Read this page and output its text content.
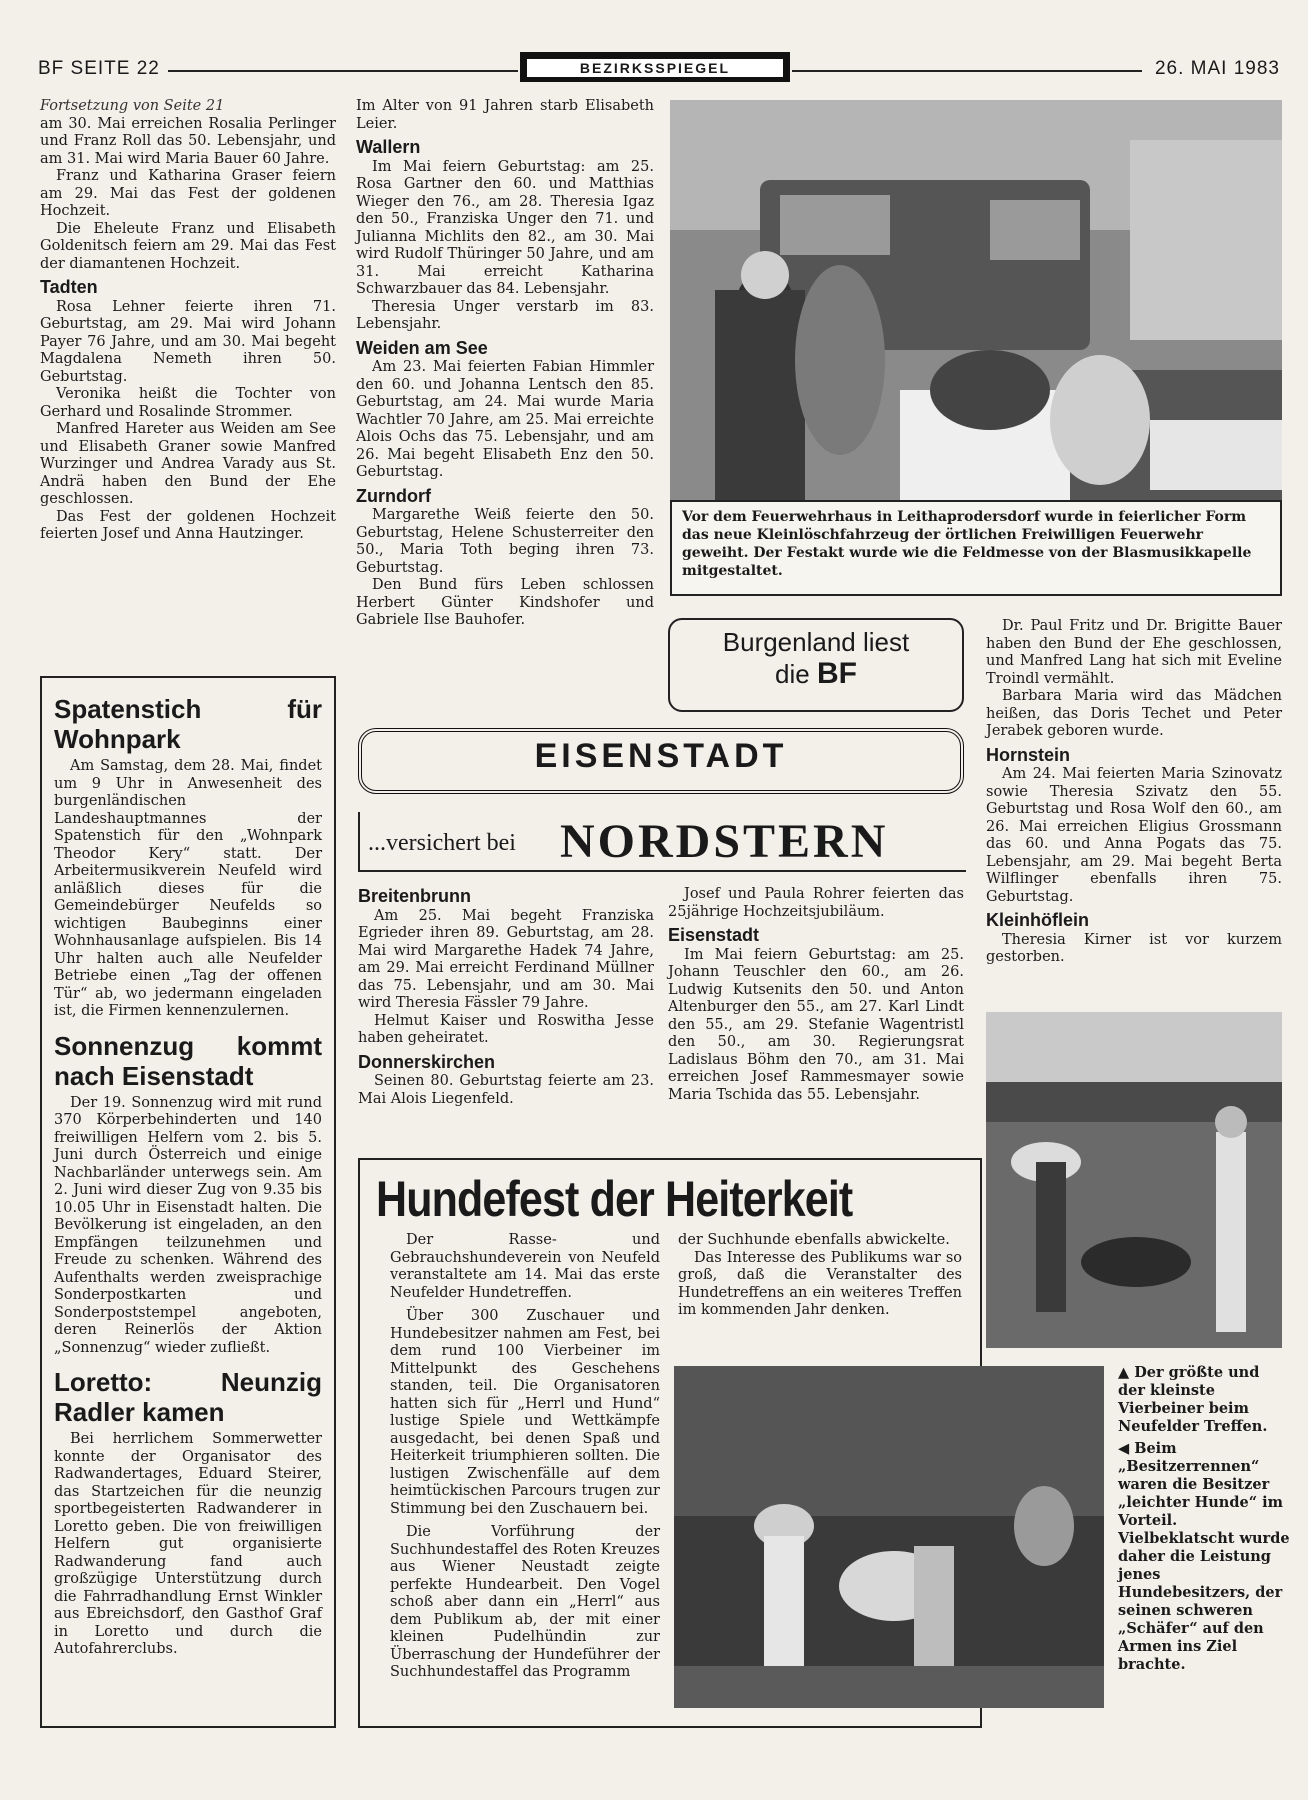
BF SEITE 22	BEZIRKSSPIEGEL	26. MAI 1983

Fortsetzung von Seite 21

am 30. Mai erreichen Rosalia Perlinger und Franz Roll das 50. Lebensjahr, und am 31. Mai wird Maria Bauer 60 Jahre.

Franz und Katharina Graser feiern am 29. Mai das Fest der goldenen Hochzeit.

Die Eheleute Franz und Elisabeth Goldenitsch feiern am 29. Mai das Fest der diamantenen Hochzeit.

Tadten

Rosa Lehner feierte ihren 71. Geburtstag, am 29. Mai wird Johann Payer 76 Jahre, und am 30. Mai begeht Magdalena Nemeth ihren 50. Geburtstag.

Veronika heißt die Tochter von Gerhard und Rosalinde Strommer.

Manfred Hareter aus Weiden am See und Elisabeth Graner sowie Manfred Wurzinger und Andrea Varady aus St. Andrä haben den Bund der Ehe geschlossen.

Das Fest der goldenen Hochzeit feierten Josef und Anna Hautzinger.

Im Alter von 91 Jahren starb Elisabeth Leier.

Wallern

Im Mai feiern Geburtstag: am 25. Rosa Gartner den 60. und Matthias Wieger den 76., am 28. Theresia Igaz den 50., Franziska Unger den 71. und Julianna Michlits den 82., am 30. Mai wird Rudolf Thüringer 50 Jahre, und am 31. Mai erreicht Katharina Schwarzbauer das 84. Lebensjahr.

Theresia Unger verstarb im 83. Lebensjahr.

Weiden am See

Am 23. Mai feierten Fabian Himmler den 60. und Johanna Lentsch den 85. Geburtstag, am 24. Mai wurde Maria Wachtler 70 Jahre, am 25. Mai erreichte Alois Ochs das 75. Lebensjahr, und am 26. Mai begeht Elisabeth Enz den 50. Geburtstag.

Zurndorf

Margarethe Weiß feierte den 50. Geburtstag, Helene Schusterreiter den 50., Maria Toth beging ihren 73. Geburtstag.

Den Bund fürs Leben schlossen Herbert Günter Kindshofer und Gabriele Ilse Bauhofer.

Vor dem Feuerwehrhaus in Leithaprodersdorf wurde in feierlicher Form das neue Kleinlöschfahrzeug der örtlichen Freiwilligen Feuerwehr geweiht. Der Festakt wurde wie die Feldmesse von der Blasmusikkapelle mitgestaltet.
Spatenstich für Wohnpark

Am Samstag, dem 28. Mai, findet um 9 Uhr in Anwesenheit des burgenländischen Landeshauptmannes der Spatenstich für den „Wohnpark Theodor Kery“ statt. Der Arbeitermusikverein Neufeld wird anläßlich dieses für die Gemeindebürger Neufelds so wichtigen Baubeginns einer Wohnhausanlage aufspielen. Bis 14 Uhr halten auch alle Neufelder Betriebe einen „Tag der offenen Tür“ ab, wo jedermann eingeladen ist, die Firmen kennenzulernen.

Sonnenzug kommt nach Eisenstadt

Der 19. Sonnenzug wird mit rund 370 Körperbehinderten und 140 freiwilligen Helfern vom 2. bis 5. Juni durch Österreich und einige Nachbarländer unterwegs sein. Am 2. Juni wird dieser Zug von 9.35 bis 10.05 Uhr in Eisenstadt halten. Die Bevölkerung ist eingeladen, an den Empfängen teilzunehmen und Freude zu schenken. Während des Aufenthalts werden zweisprachige Sonderpostkarten und Sonderpoststempel angeboten, deren Reinerlös der Aktion „Sonnenzug“ wieder zufließt.

Loretto: Neunzig Radler kamen

Bei herrlichem Sommerwetter konnte der Organisator des Radwandertages, Eduard Steirer, das Startzeichen für die neunzig sportbegeisterten Radwanderer in Loretto geben. Die von freiwilligen Helfern gut organisierte Radwanderung fand auch großzügige Unterstützung durch die Fahrradhandlung Ernst Winkler aus Ebreichsdorf, den Gasthof Graf in Loretto und durch die Autofahrerclubs.

Burgenland liest
die BF

Dr. Paul Fritz und Dr. Brigitte Bauer haben den Bund der Ehe geschlossen, und Manfred Lang hat sich mit Eveline Troindl vermählt.

Barbara Maria wird das Mädchen heißen, das Doris Techet und Peter Jerabek geboren wurde.

Hornstein

Am 24. Mai feierten Maria Szinovatz sowie Theresia Szivatz den 55. Geburtstag und Rosa Wolf den 60., am 26. Mai erreichen Eligius Grossmann das 60. und Anna Pogats das 75. Lebensjahr, am 29. Mai begeht Berta Wilflinger ebenfalls ihren 75. Geburtstag.

Kleinhöflein

Theresia Kirner ist vor kurzem gestorben.

EISENSTADT
...versichert bei NORDSTERN
Breitenbrunn

Am 25. Mai begeht Franziska Egrieder ihren 89. Geburtstag, am 28. Mai wird Margarethe Hadek 74 Jahre, am 29. Mai erreicht Ferdinand Müllner das 75. Lebensjahr, und am 30. Mai wird Theresia Fässler 79 Jahre.

Helmut Kaiser und Roswitha Jesse haben geheiratet.

Donnerskirchen

Seinen 80. Geburtstag feierte am 23. Mai Alois Liegenfeld.

Josef und Paula Rohrer feierten das 25jährige Hochzeitsjubiläum.

Eisenstadt

Im Mai feiern Geburtstag: am 25. Johann Teuschler den 60., am 26. Ludwig Kutsenits den 50. und Anton Altenburger den 55., am 27. Karl Lindt den 55., am 29. Stefanie Wagentristl den 50., am 30. Regierungsrat Ladislaus Böhm den 70., am 31. Mai erreichen Josef Rammesmayer sowie Maria Tschida das 55. Lebensjahr.

Hundefest der Heiterkeit

Der Rasse- und Gebrauchshundeverein von Neufeld veranstaltete am 14. Mai das erste Neufelder Hundetreffen.

Über 300 Zuschauer und Hundebesitzer nahmen am Fest, bei dem rund 100 Vierbeiner im Mittelpunkt des Geschehens standen, teil. Die Organisatoren hatten sich für „Herrl und Hund“ lustige Spiele und Wettkämpfe ausgedacht, bei denen Spaß und Heiterkeit triumphieren sollten. Die lustigen Zwischenfälle auf dem heimtückischen Parcours trugen zur Stimmung bei den Zuschauern bei.

Die Vorführung der Suchhundestaffel des Roten Kreuzes aus Wiener Neustadt zeigte perfekte Hundearbeit. Den Vogel schoß aber dann ein „Herrl“ aus dem Publikum ab, der mit einer kleinen Pudelhündin zur Überraschung der Hundeführer der Suchhundestaffel das Programm

der Suchhunde ebenfalls abwickelte.

Das Interesse des Publikums war so groß, daß die Veranstalter des Hundetreffens an ein weiteres Treffen im kommenden Jahr denken.

▲ Der größte und der kleinste Vierbeiner beim Neufelder Treffen.

◀ Beim „Besitzerrennen“ waren die Besitzer „leichter Hunde“ im Vorteil. Vielbeklatscht wurde daher die Leistung jenes Hundebesitzers, der seinen schweren „Schäfer“ auf den Armen ins Ziel brachte.
